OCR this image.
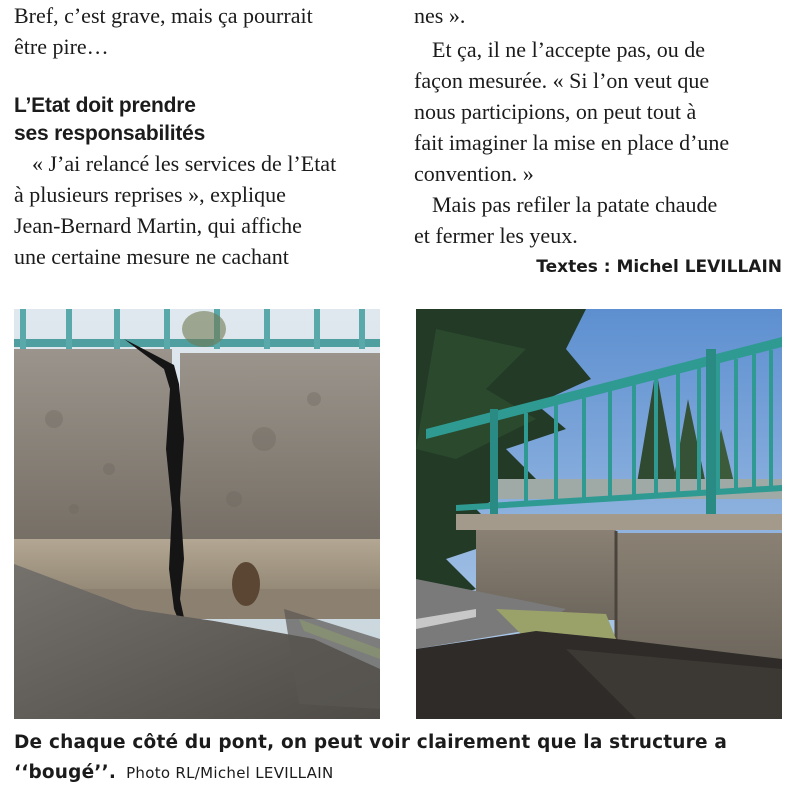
Bref, c’est grave, mais ça pourrait
être pire…

L’Etat doit prendre
ses responsabilités

« J’ai relancé les services de l’Etat
à plusieurs reprises », explique
Jean-Bernard Martin, qui affiche
une certaine mesure ne cachant

nes ».

Et ça, il ne l’accepte pas, ou de
façon mesurée. « Si l’on veut que
nous participions, on peut tout à
fait imaginer la mise en place d’une
convention. »

Mais pas refiler la patate chaude
et fermer les yeux.

Textes : Michel LEVILLAIN

De chaque côté du pont, on peut voir clairement que la structure a
‘‘bougé’’. Photo RL/Michel LEVILLAIN
